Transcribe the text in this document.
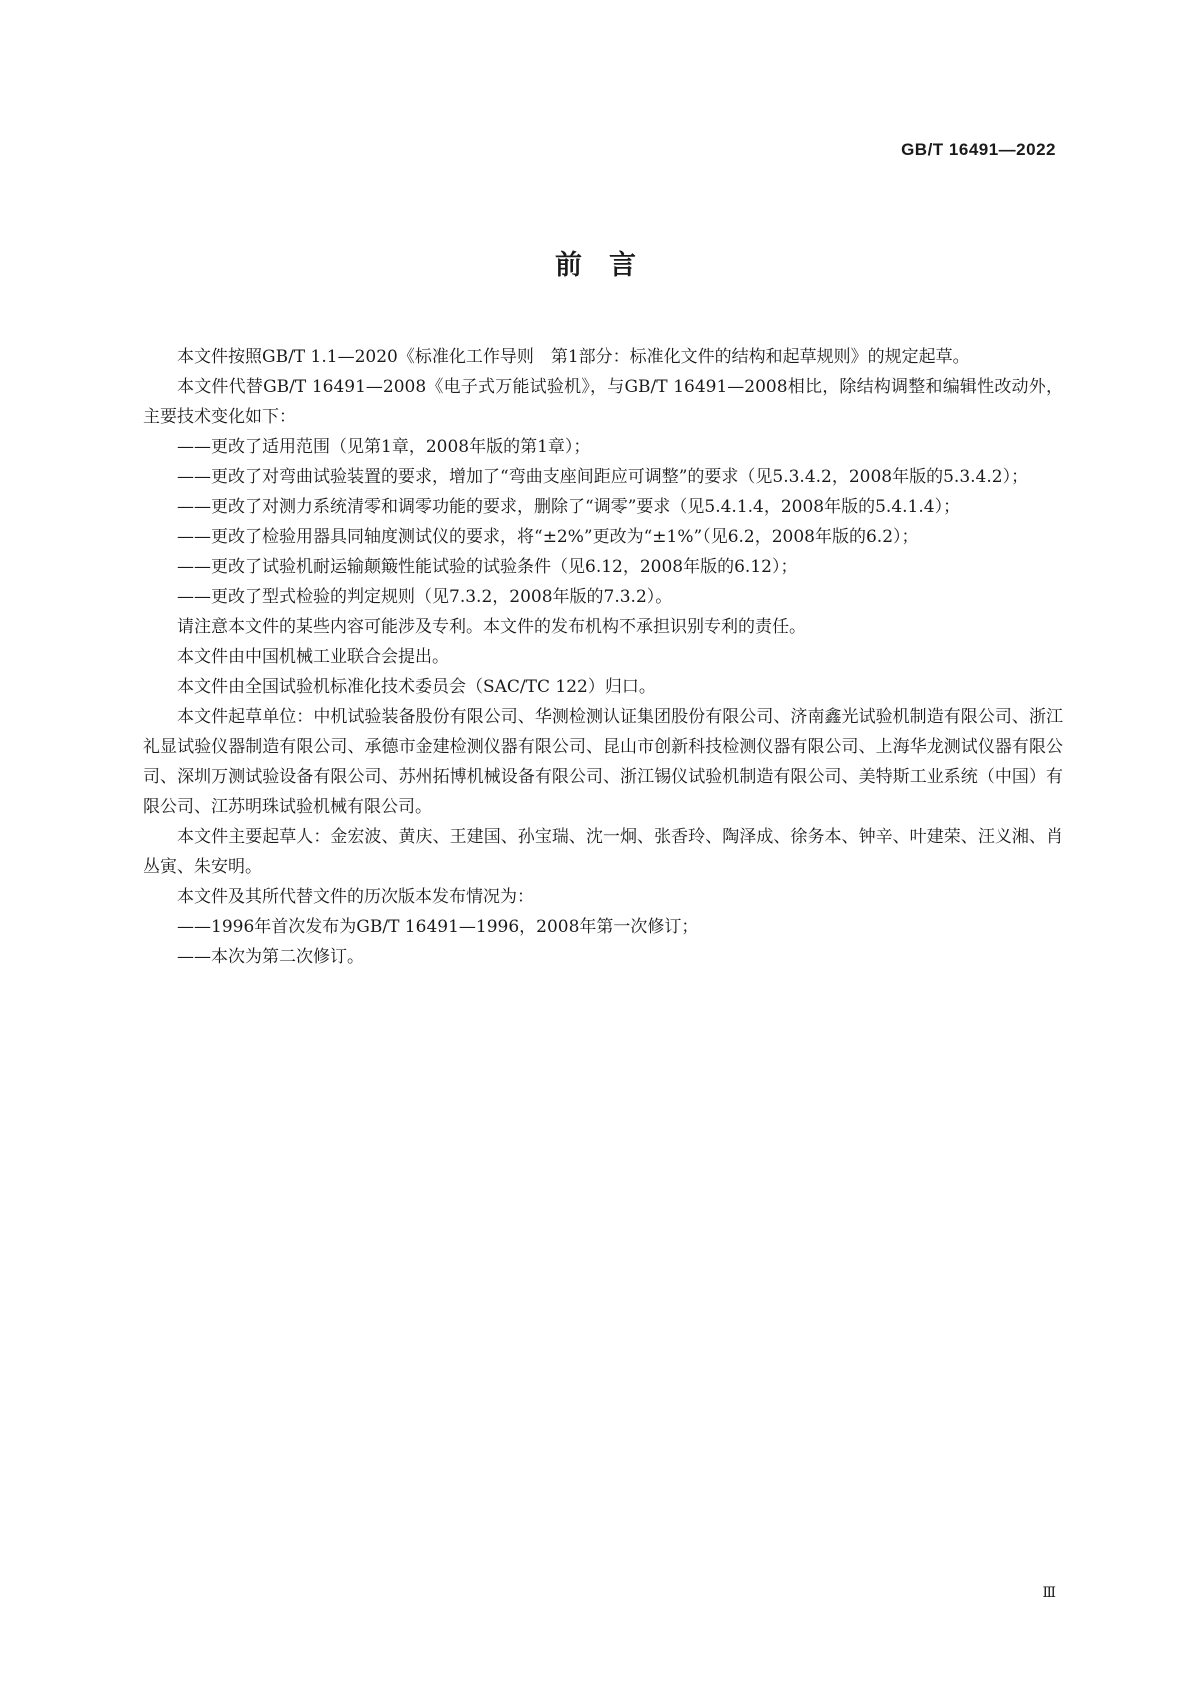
GB/T 16491—2022

前　言

本文件按照GB/T 1.1—2020《标准化工作导则　第1部分：标准化文件的结构和起草规则》的规定起草。

本文件代替GB/T 16491—2008《电子式万能试验机》，与GB/T 16491—2008相比，除结构调整和编辑性改动外，主要技术变化如下：

——更改了适用范围（见第1章，2008年版的第1章）；

——更改了对弯曲试验装置的要求，增加了“弯曲支座间距应可调整”的要求（见5.3.4.2，2008年版的5.3.4.2）；

——更改了对测力系统清零和调零功能的要求，删除了“调零”要求（见5.4.1.4，2008年版的5.4.1.4）；

——更改了检验用器具同轴度测试仪的要求，将“±2%”更改为“±1%”（见6.2，2008年版的6.2）；

——更改了试验机耐运输颠簸性能试验的试验条件（见6.12，2008年版的6.12）；

——更改了型式检验的判定规则（见7.3.2，2008年版的7.3.2）。

请注意本文件的某些内容可能涉及专利。本文件的发布机构不承担识别专利的责任。

本文件由中国机械工业联合会提出。

本文件由全国试验机标准化技术委员会（SAC/TC 122）归口。

本文件起草单位：中机试验装备股份有限公司、华测检测认证集团股份有限公司、济南鑫光试验机制造有限公司、浙江礼显试验仪器制造有限公司、承德市金建检测仪器有限公司、昆山市创新科技检测仪器有限公司、上海华龙测试仪器有限公司、深圳万测试验设备有限公司、苏州拓博机械设备有限公司、浙江锡仪试验机制造有限公司、美特斯工业系统（中国）有限公司、江苏明珠试验机械有限公司。

本文件主要起草人：金宏波、黄庆、王建国、孙宝瑞、沈一炯、张香玲、陶泽成、徐务本、钟辛、叶建荣、汪义湘、肖丛寅、朱安明。

本文件及其所代替文件的历次版本发布情况为：

——1996年首次发布为GB/T 16491—1996，2008年第一次修订；

——本次为第二次修订。

Ⅲ
